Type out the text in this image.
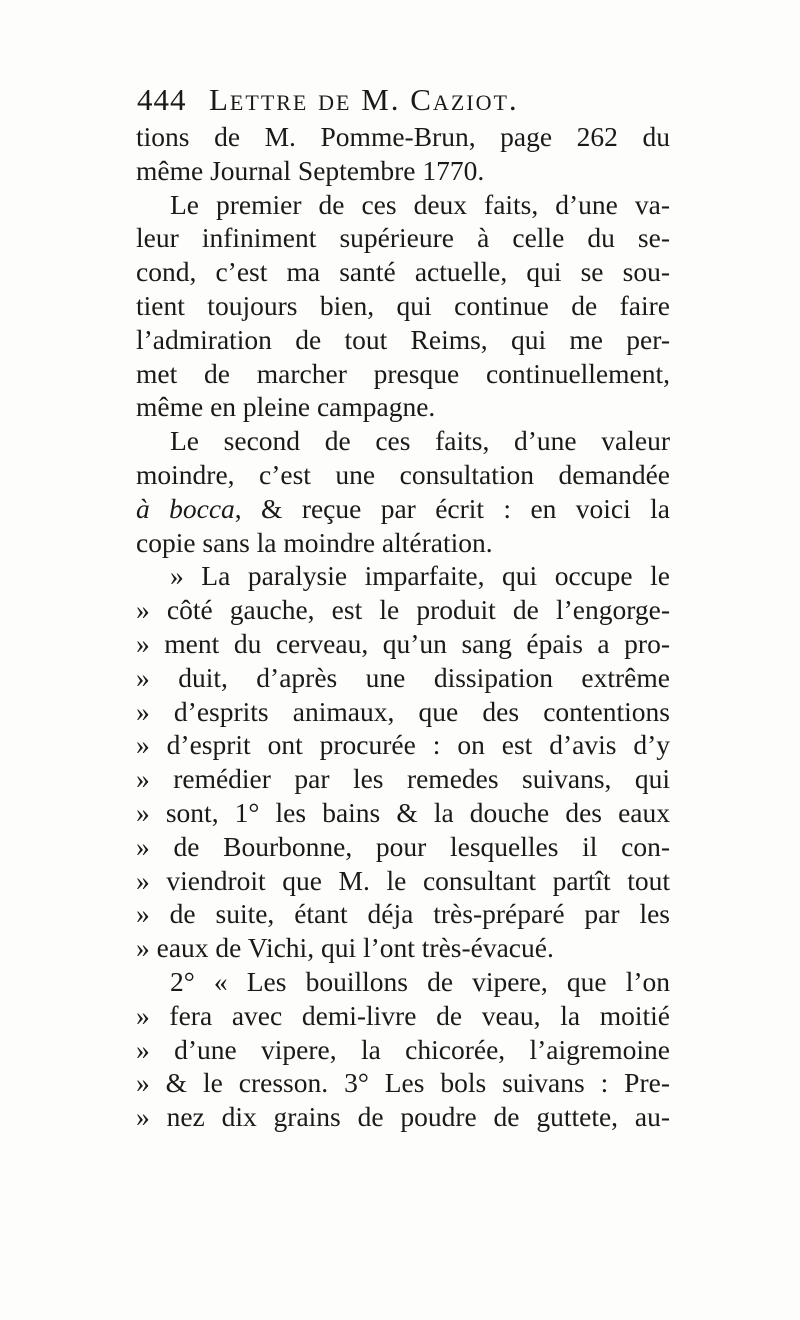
444 Lettre de M. Caziot.
tions de M. Pomme-Brun, page 262 du
même Journal Septembre 1770.
Le premier de ces deux faits, d’une va-
leur infiniment supérieure à celle du se-
cond, c’est ma santé actuelle, qui se sou-
tient toujours bien, qui continue de faire
l’admiration de tout Reims, qui me per-
met de marcher presque continuellement,
même en pleine campagne.
Le second de ces faits, d’une valeur
moindre, c’est une consultation demandée
à bocca, & reçue par écrit : en voici la
copie sans la moindre altération.
» La paralysie imparfaite, qui occupe le
» côté gauche, est le produit de l’engorge-
» ment du cerveau, qu’un sang épais a pro-
» duit, d’après une dissipation extrême
» d’esprits animaux, que des contentions
» d’esprit ont procurée : on est d’avis d’y
» remédier par les remedes suivans, qui
» sont, 1° les bains & la douche des eaux
» de Bourbonne, pour lesquelles il con-
» viendroit que M. le consultant partît tout
» de suite, étant déja très-préparé par les
» eaux de Vichi, qui l’ont très-évacué.
2° « Les bouillons de vipere, que l’on
» fera avec demi-livre de veau, la moitié
» d’une vipere, la chicorée, l’aigremoine
» & le cresson. 3° Les bols suivans : Pre-
» nez dix grains de poudre de guttete, au-
